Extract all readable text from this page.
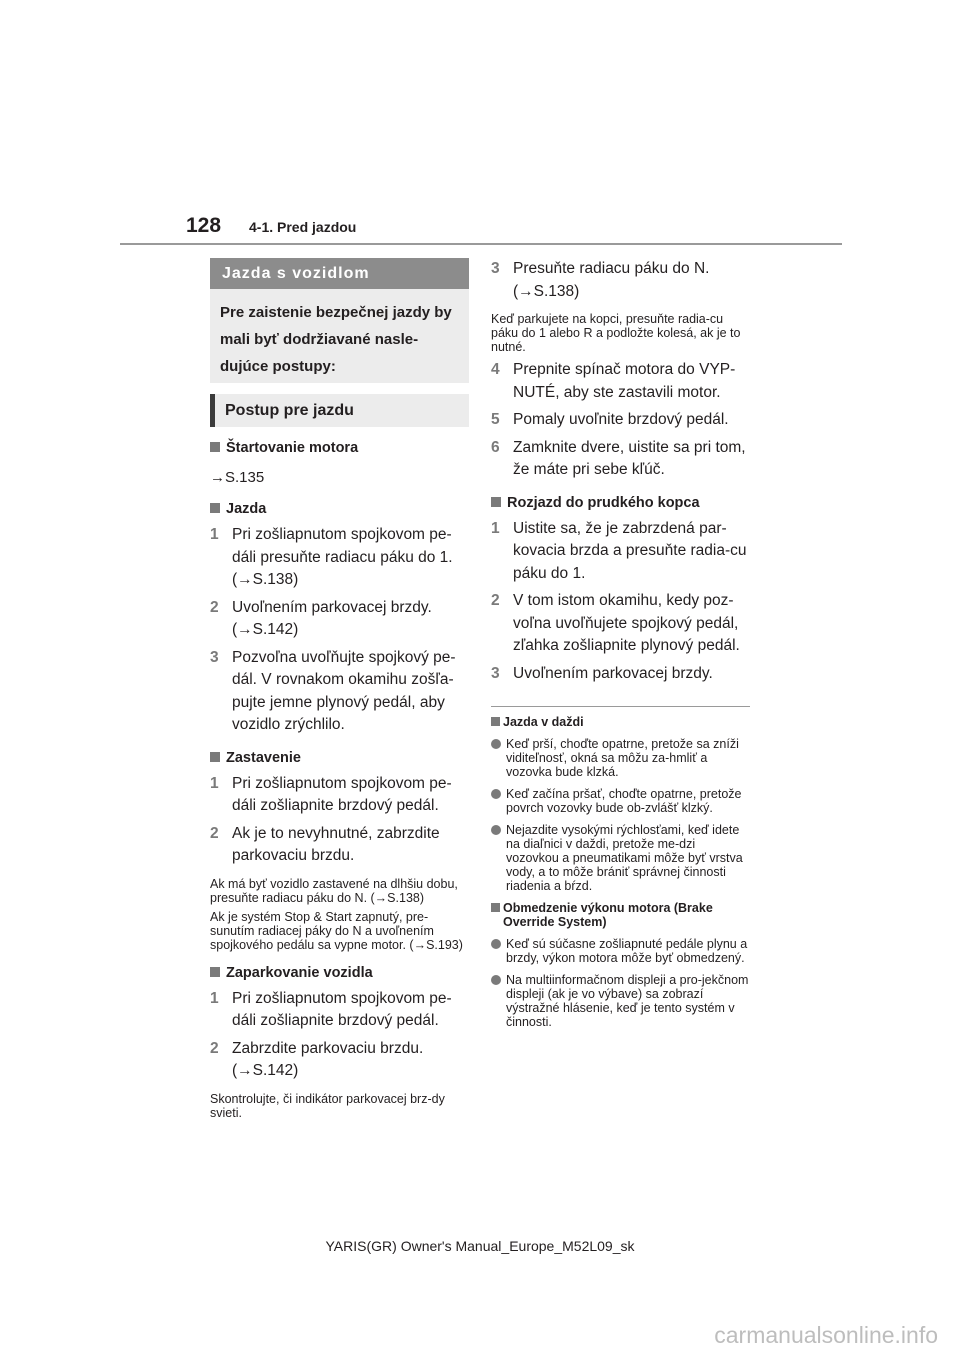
128 4-1. Pred jazdou
Jazda s vozidlom
Pre zaistenie bezpečnej jazdy by mali byť dodržiavané nasle-dujúce postupy:
Postup pre jazdu
Štartovanie motora
→S.135
Jazda
1 Pri zošliapnutom spojkovom pe-dáli presuňte radiacu páku do 1. (→S.138)
2 Uvoľnením parkovacej brzdy. (→S.142)
3 Pozvoľna uvoľňujte spojkový pe-dál. V rovnakom okamihu zošľa-pujte jemne plynový pedál, aby vozidlo zrýchlilo.
Zastavenie
1 Pri zošliapnutom spojkovom pe-dáli zošliapnite brzdový pedál.
2 Ak je to nevyhnutné, zabrzdite parkovaciu brzdu.
Ak má byť vozidlo zastavené na dlhšiu dobu, presuňte radiacu páku do N. (→S.138)
Ak je systém Stop & Start zapnutý, pre-sunutím radiacej páky do N a uvoľnením spojkového pedálu sa vypne motor. (→S.193)
Zaparkovanie vozidla
1 Pri zošliapnutom spojkovom pe-dáli zošliapnite brzdový pedál.
2 Zabrzdite parkovaciu brzdu. (→S.142)
Skontrolujte, či indikátor parkovacej brz-dy svieti.
3 Presuňte radiacu páku do N. (→S.138)
Keď parkujete na kopci, presuňte radia-cu páku do 1 alebo R a podložte kolesá, ak je to nutné.
4 Prepnite spínač motora do VYP-NUTÉ, aby ste zastavili motor.
5 Pomaly uvoľnite brzdový pedál.
6 Zamknite dvere, uistite sa pri tom, že máte pri sebe kľúč.
Rozjazd do prudkého kopca
1 Uistite sa, že je zabrzdená par-kovacia brzda a presuňte radia-cu páku do 1.
2 V tom istom okamihu, kedy poz-voľna uvoľňujete spojkový pedál, zľahka zošliapnite plynový pedál.
3 Uvoľnením parkovacej brzdy.
Jazda v daždi
Keď prší, choďte opatrne, pretože sa zníži viditeľnosť, okná sa môžu za-hmliť a vozovka bude klzká.
Keď začína pršať, choďte opatrne, pretože povrch vozovky bude ob-zvlášť klzký.
Nejazdite vysokými rýchlosťami, keď idete na diaľnici v daždi, pretože me-dzi vozovkou a pneumatikami môže byť vrstva vody, a to môže brániť správnej činnosti riadenia a bŕzd.
Obmedzenie výkonu motora (Brake Override System)
Keď sú súčasne zošliapnuté pedále plynu a brzdy, výkon motora môže byť obmedzený.
Na multiinformačnom displeji a pro-jekčnom displeji (ak je vo výbave) sa zobrazí výstražné hlásenie, keď je tento systém v činnosti.
YARIS(GR) Owner's Manual_Europe_M52L09_sk
carmanualsonline.info
